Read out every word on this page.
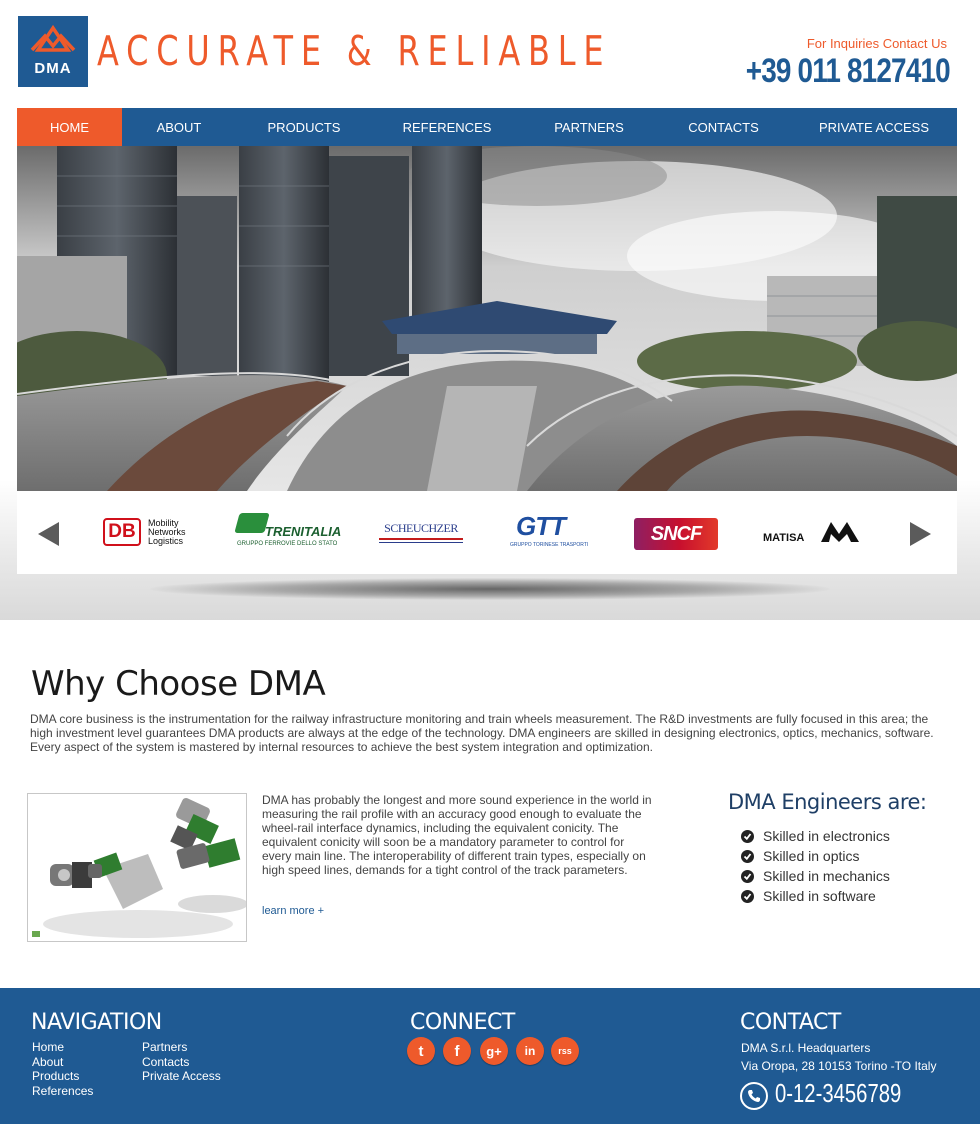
DMA ACCURATE & RELIABLE	For Inquiries Contact Us
+39 011 8127410
HOME	ABOUT	PRODUCTS	REFERENCES	PARTNERS	CONTACTS	PRIVATE ACCESS
DB	Mobility
Networks
Logistics
TRENITALIA
GRUPPO FERROVIE DELLO STATO
SCHEUCHZER GTT
GRUPPO TORINESE TRASPORTI
SNCF	MATISA
Why Choose DMA
DMA core business is the instrumentation for the railway infrastructure monitoring and train wheels measurement. The R&D investments are fully focused in this area; the high investment level guarantees DMA products are always at the edge of the technology. DMA engineers are skilled in designing electronics, optics, mechanics, software. Every aspect of the system is mastered by internal resources to achieve the best system integration and optimization.
DMA has probably the longest and more sound experience in the world in measuring the rail profile with an accuracy good enough to evaluate the wheel-rail interface dynamics, including the equivalent conicity. The equivalent conicity will soon be a mandatory parameter to control for every main line. The interoperability of different train types, especially on high speed lines, demands for a tight control of the track parameters.
learn more +
DMA Engineers are:
Skilled in electronics
Skilled in optics
Skilled in mechanics
Skilled in software
NAVIGATION
Home
About
Products
References
Partners
Contacts
Private Access
CONNECT
t	f	g+	in	rss
CONTACT
DMA S.r.l. Headquarters
Via Oropa, 28 10153 Torino -TO Italy
0-12-3456789
